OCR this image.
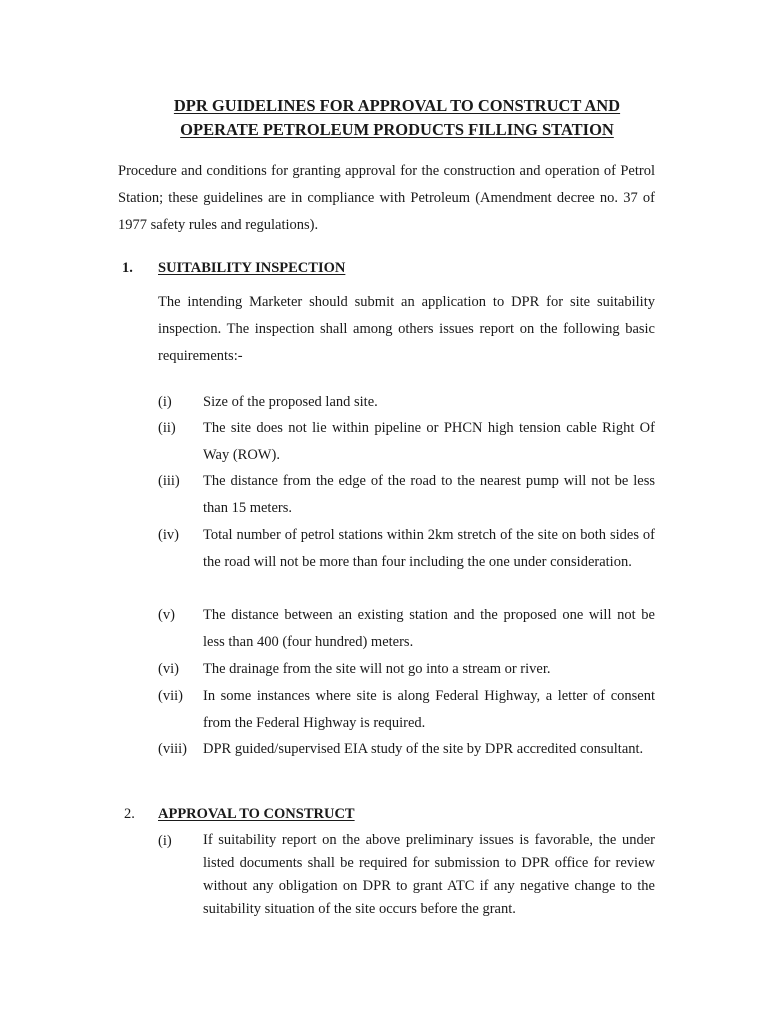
DPR GUIDELINES FOR APPROVAL TO CONSTRUCT AND
OPERATE PETROLEUM PRODUCTS FILLING STATION
Procedure and conditions for granting approval for the construction and operation of Petrol Station; these guidelines are in compliance with Petroleum (Amendment decree no. 37 of 1977 safety rules and regulations).
1. SUITABILITY INSPECTION
The intending Marketer should submit an application to DPR for site suitability inspection. The inspection shall among others issues report on the following basic requirements:-
(i) Size of the proposed land site.
(ii) The site does not lie within pipeline or PHCN high tension cable Right Of Way (ROW).
(iii) The distance from the edge of the road to the nearest pump will not be less than 15 meters.
(iv) Total number of petrol stations within 2km stretch of the site on both sides of the road will not be more than four including the one under consideration.
(v) The distance between an existing station and the proposed one will not be less than 400 (four hundred) meters.
(vi) The drainage from the site will not go into a stream or river.
(vii) In some instances where site is along Federal Highway, a letter of consent from the Federal Highway is required.
(viii) DPR guided/supervised EIA study of the site by DPR accredited consultant.
2. APPROVAL TO CONSTRUCT
(i) If suitability report on the above preliminary issues is favorable, the under listed documents shall be required for submission to DPR office for review without any obligation on DPR to grant ATC if any negative change to the suitability situation of the site occurs before the grant.
